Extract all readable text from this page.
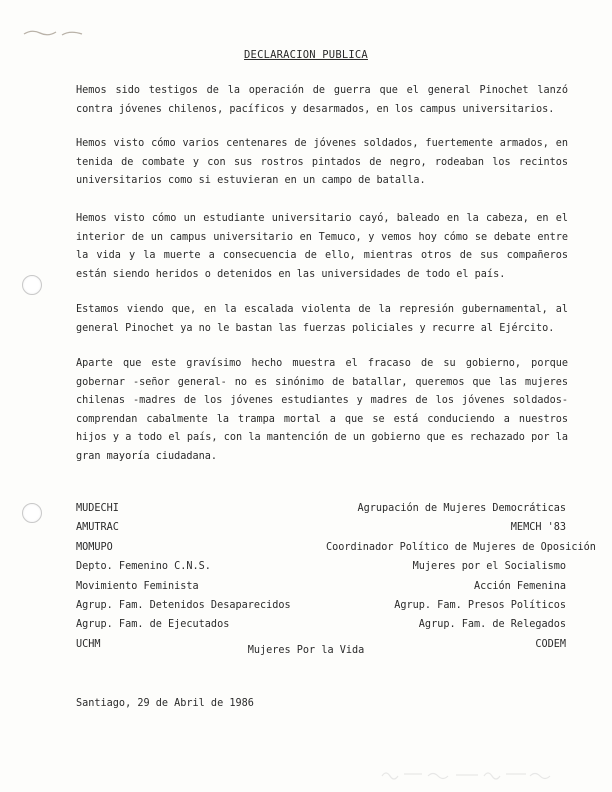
DECLARACION PUBLICA

Hemos sido testigos de la operación de guerra que el general Pinochet lanzó contra jóvenes chilenos, pacíficos y desarmados, en los campus universitarios.

Hemos visto cómo varios centenares de jóvenes soldados, fuertemente armados, en tenida de combate y con sus rostros pintados de negro, rodeaban los recintos universitarios como si estuvieran en un campo de batalla.

Hemos visto cómo un estudiante universitario cayó, baleado en la cabeza, en el interior de un campus universitario en Temuco, y vemos hoy cómo se debate entre la vida y la muerte a consecuencia de ello, mientras otros de sus compañeros están siendo heridos o detenidos en las universidades de todo el país.

Estamos viendo que, en la escalada violenta de la represión gubernamental, al general Pinochet ya no le bastan las fuerzas policiales y recurre al Ejército.

Aparte que este gravísimo hecho muestra el fracaso de su gobierno, porque gobernar -señor general- no es sinónimo de batallar, queremos que las mujeres chilenas -madres de los jóvenes estudiantes y madres de los jóvenes soldados- comprendan cabalmente la trampa mortal a que se está conduciendo a nuestros hijos y a todo el país, con la mantención de un gobierno que es rechazado por la gran mayoría ciudadana.

MUDECHI
AMUTRAC
MOMUPO
Depto. Femenino C.N.S.
Movimiento Feminista
Agrup. Fam. Detenidos Desaparecidos
Agrup. Fam. de Ejecutados
UCHM
Agrupación de Mujeres Democráticas
MEMCH '83
Coordinador Político de Mujeres de Oposición
Mujeres por el Socialismo
Acción Femenina
Agrup. Fam. Presos Políticos
Agrup. Fam. de Relegados
CODEM
Mujeres Por la Vida
Santiago, 29 de Abril de 1986
